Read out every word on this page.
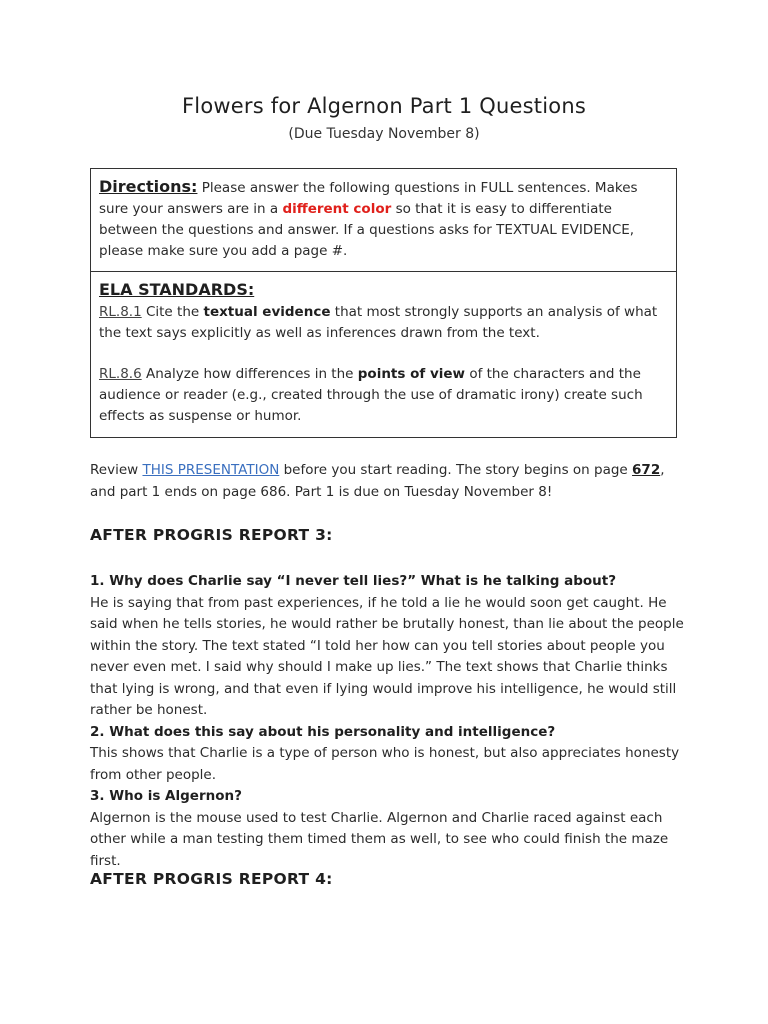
Flowers for Algernon Part 1 Questions
(Due Tuesday November 8)
Directions: Please answer the following questions in FULL sentences. Makes sure your answers are in a different color so that it is easy to differentiate between the questions and answer. If a questions asks for TEXTUAL EVIDENCE, please make sure you add a page #.
ELA STANDARDS:

RL.8.1 Cite the textual evidence that most strongly supports an analysis of what the text says explicitly as well as inferences drawn from the text.

RL.8.6 Analyze how differences in the points of view of the characters and the audience or reader (e.g., created through the use of dramatic irony) create such effects as suspense or humor.

Review THIS PRESENTATION before you start reading. The story begins on page 672, and part 1 ends on page 686. Part 1 is due on Tuesday November 8!
AFTER PROGRIS REPORT 3:

1. Why does Charlie say “I never tell lies?” What is he talking about?

He is saying that from past experiences, if he told a lie he would soon get caught. He said when he tells stories, he would rather be brutally honest, than lie about the people within the story. The text stated “I told her how can you tell stories about people you never even met. I said why should I make up lies.” The text shows that Charlie thinks that lying is wrong, and that even if lying would improve his intelligence, he would still rather be honest.

2. What does this say about his personality and intelligence?

This shows that Charlie is a type of person who is honest, but also appreciates honesty from other people.

3. Who is Algernon?

Algernon is the mouse used to test Charlie. Algernon and Charlie raced against each other while a man testing them timed them as well, to see who could finish the maze first.

AFTER PROGRIS REPORT 4:
